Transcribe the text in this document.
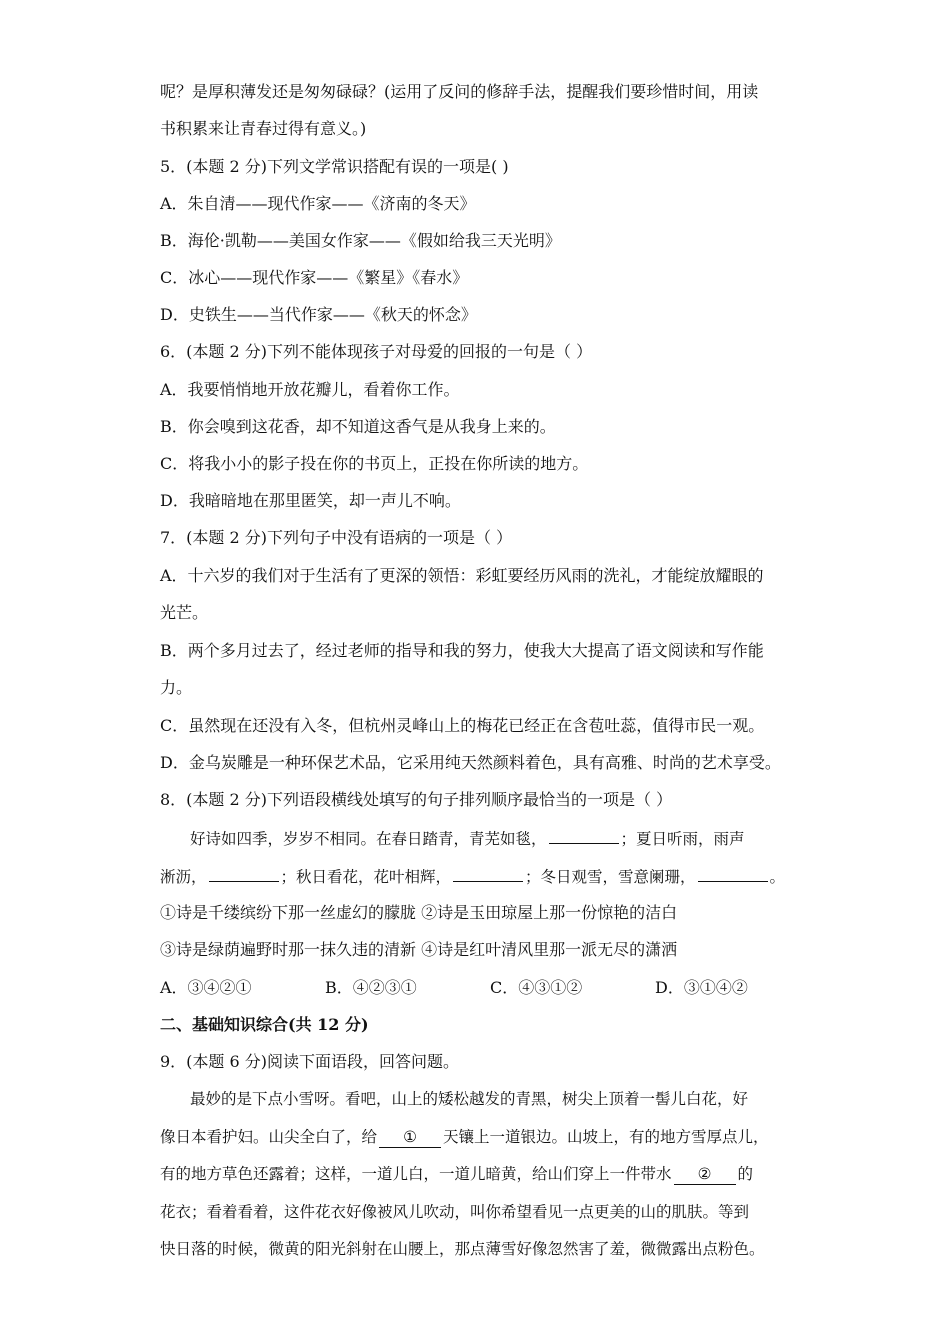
呢？是厚积薄发还是匆匆碌碌？(运用了反问的修辞手法，提醒我们要珍惜时间，用读
书积累来让青春过得有意义。)
5．(本题 2 分)下列文学常识搭配有误的一项是( )
A．朱自清——现代作家——《济南的冬天》
B．海伦·凯勒——美国女作家——《假如给我三天光明》
C．冰心——现代作家——《繁星》《春水》
D．史铁生——当代作家——《秋天的怀念》
6．(本题 2 分)下列不能体现孩子对母爱的回报的一句是（ ）
A．我要悄悄地开放花瓣儿，看着你工作。
B．你会嗅到这花香，却不知道这香气是从我身上来的。
C．将我小小的影子投在你的书页上，正投在你所读的地方。
D．我暗暗地在那里匿笑，却一声儿不响。
7．(本题 2 分)下列句子中没有语病的一项是（ ）
A．十六岁的我们对于生活有了更深的领悟：彩虹要经历风雨的洗礼，才能绽放耀眼的
光芒。
B．两个多月过去了，经过老师的指导和我的努力，使我大大提高了语文阅读和写作能
力。
C．虽然现在还没有入冬，但杭州灵峰山上的梅花已经正在含苞吐蕊，值得市民一观。
D．金乌炭雕是一种环保艺术品，它采用纯天然颜料着色，具有高雅、时尚的艺术享受。
8．(本题 2 分)下列语段横线处填写的句子排列顺序最恰当的一项是（ ）
好诗如四季，岁岁不相同。在春日踏青，青芜如毯，	；夏日听雨，雨声
淅沥，	；秋日看花，花叶相辉，	；冬日观雪，雪意阑珊，	。
①诗是千缕缤纷下那一丝虚幻的朦胧 ②诗是玉田琼屋上那一份惊艳的洁白
③诗是绿荫遍野时那一抹久违的清新 ④诗是红叶清风里那一派无尽的潇洒
A．③④②①	B．④②③①	C．④③①②	D．③①④②
二、基础知识综合(共 12 分)
9．(本题 6 分)阅读下面语段，回答问题。
最妙的是下点小雪呀。看吧，山上的矮松越发的青黑，树尖上顶着一髻儿白花，好
像日本看护妇。山尖全白了，给 ① 天镶上一道银边。山坡上，有的地方雪厚点儿，
有的地方草色还露着；这样，一道儿白，一道儿暗黄，给山们穿上一件带水 ② 的
花衣；看着看着，这件花衣好像被风儿吹动，叫你希望看见一点更美的山的肌肤。等到
快日落的时候，微黄的阳光斜射在山腰上，那点薄雪好像忽然害了羞，微微露出点粉色。
